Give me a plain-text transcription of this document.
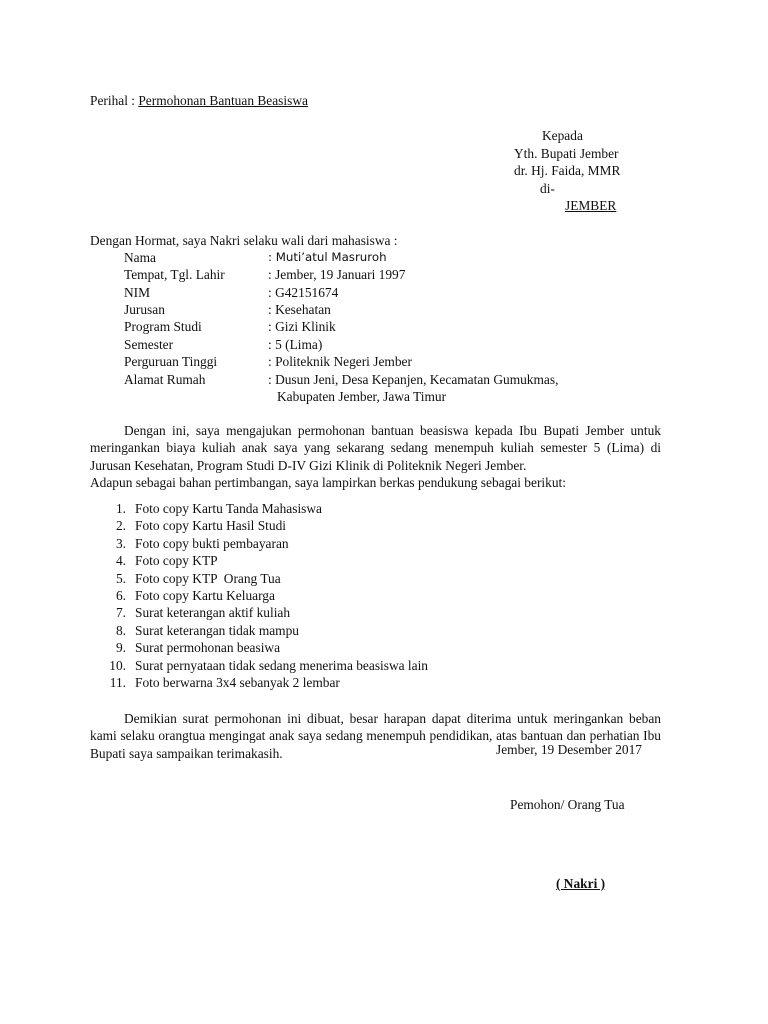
Perihal : Permohonan Bantuan Beasiswa
Kepada
Yth. Bupati Jember
dr. Hj. Faida, MMR
di-
JEMBER
Dengan Hormat, saya Nakri selaku wali dari mahasiswa :
Nama	: Muti’atul Masruroh
Tempat, Tgl. Lahir	: Jember, 19 Januari 1997
NIM	: G42151674
Jurusan	: Kesehatan
Program Studi	: Gizi Klinik
Semester	: 5 (Lima)
Perguruan Tinggi	: Politeknik Negeri Jember
Alamat Rumah	: Dusun Jeni, Desa Kepanjen, Kecamatan Gumukmas,
Kabupaten Jember, Jawa Timur

Dengan ini, saya mengajukan permohonan bantuan beasiswa kepada Ibu Bupati Jember untuk meringankan biaya kuliah anak saya yang sekarang sedang menempuh kuliah semester 5 (Lima) di Jurusan Kesehatan, Program Studi D-IV Gizi Klinik di Politeknik Negeri Jember.

Adapun sebagai bahan pertimbangan, saya lampirkan berkas pendukung sebagai berikut:

1. Foto copy Kartu Tanda Mahasiswa
2. Foto copy Kartu Hasil Studi
3. Foto copy bukti pembayaran
4. Foto copy KTP
5. Foto copy KTP  Orang Tua
6. Foto copy Kartu Keluarga
7. Surat keterangan aktif kuliah
8. Surat keterangan tidak mampu
9. Surat permohonan beasiwa
10. Surat pernyataan tidak sedang menerima beasiswa lain
11. Foto berwarna 3x4 sebanyak 2 lembar

Demikian surat permohonan ini dibuat, besar harapan dapat diterima untuk meringankan beban kami selaku orangtua mengingat anak saya sedang menempuh pendidikan, atas bantuan dan perhatian Ibu Bupati saya sampaikan terimakasih.	Jember, 19 Desember 2017
Pemohon/ Orang Tua
( Nakri )
